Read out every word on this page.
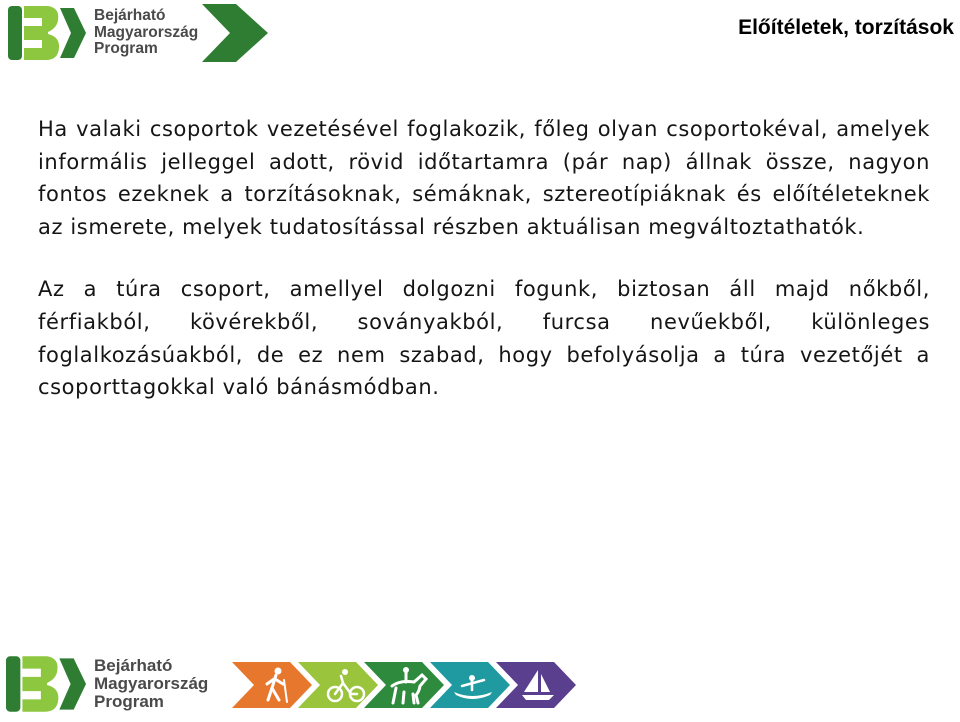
Bejárható
Magyarország
Program
Előítéletek, torzítások

Ha valaki csoportok vezetésével foglakozik, főleg olyan csoportokéval, amelyek informális jelleggel adott, rövid időtartamra (pár nap) állnak össze, nagyon fontos ezeknek a torzításoknak, sémáknak, sztereotípiáknak és előítéleteknek az ismerete, melyek tudatosítással részben aktuálisan megváltoztathatók.

Az a túra csoport, amellyel dolgozni fogunk, biztosan áll majd nőkből, férfiakból, kövérekből, soványakból, furcsa nevűekből, különleges foglalkozásúakból, de ez nem szabad, hogy befolyásolja a túra vezetőjét a csoporttagokkal való bánásmódban.

Bejárható
Magyarország
Program
